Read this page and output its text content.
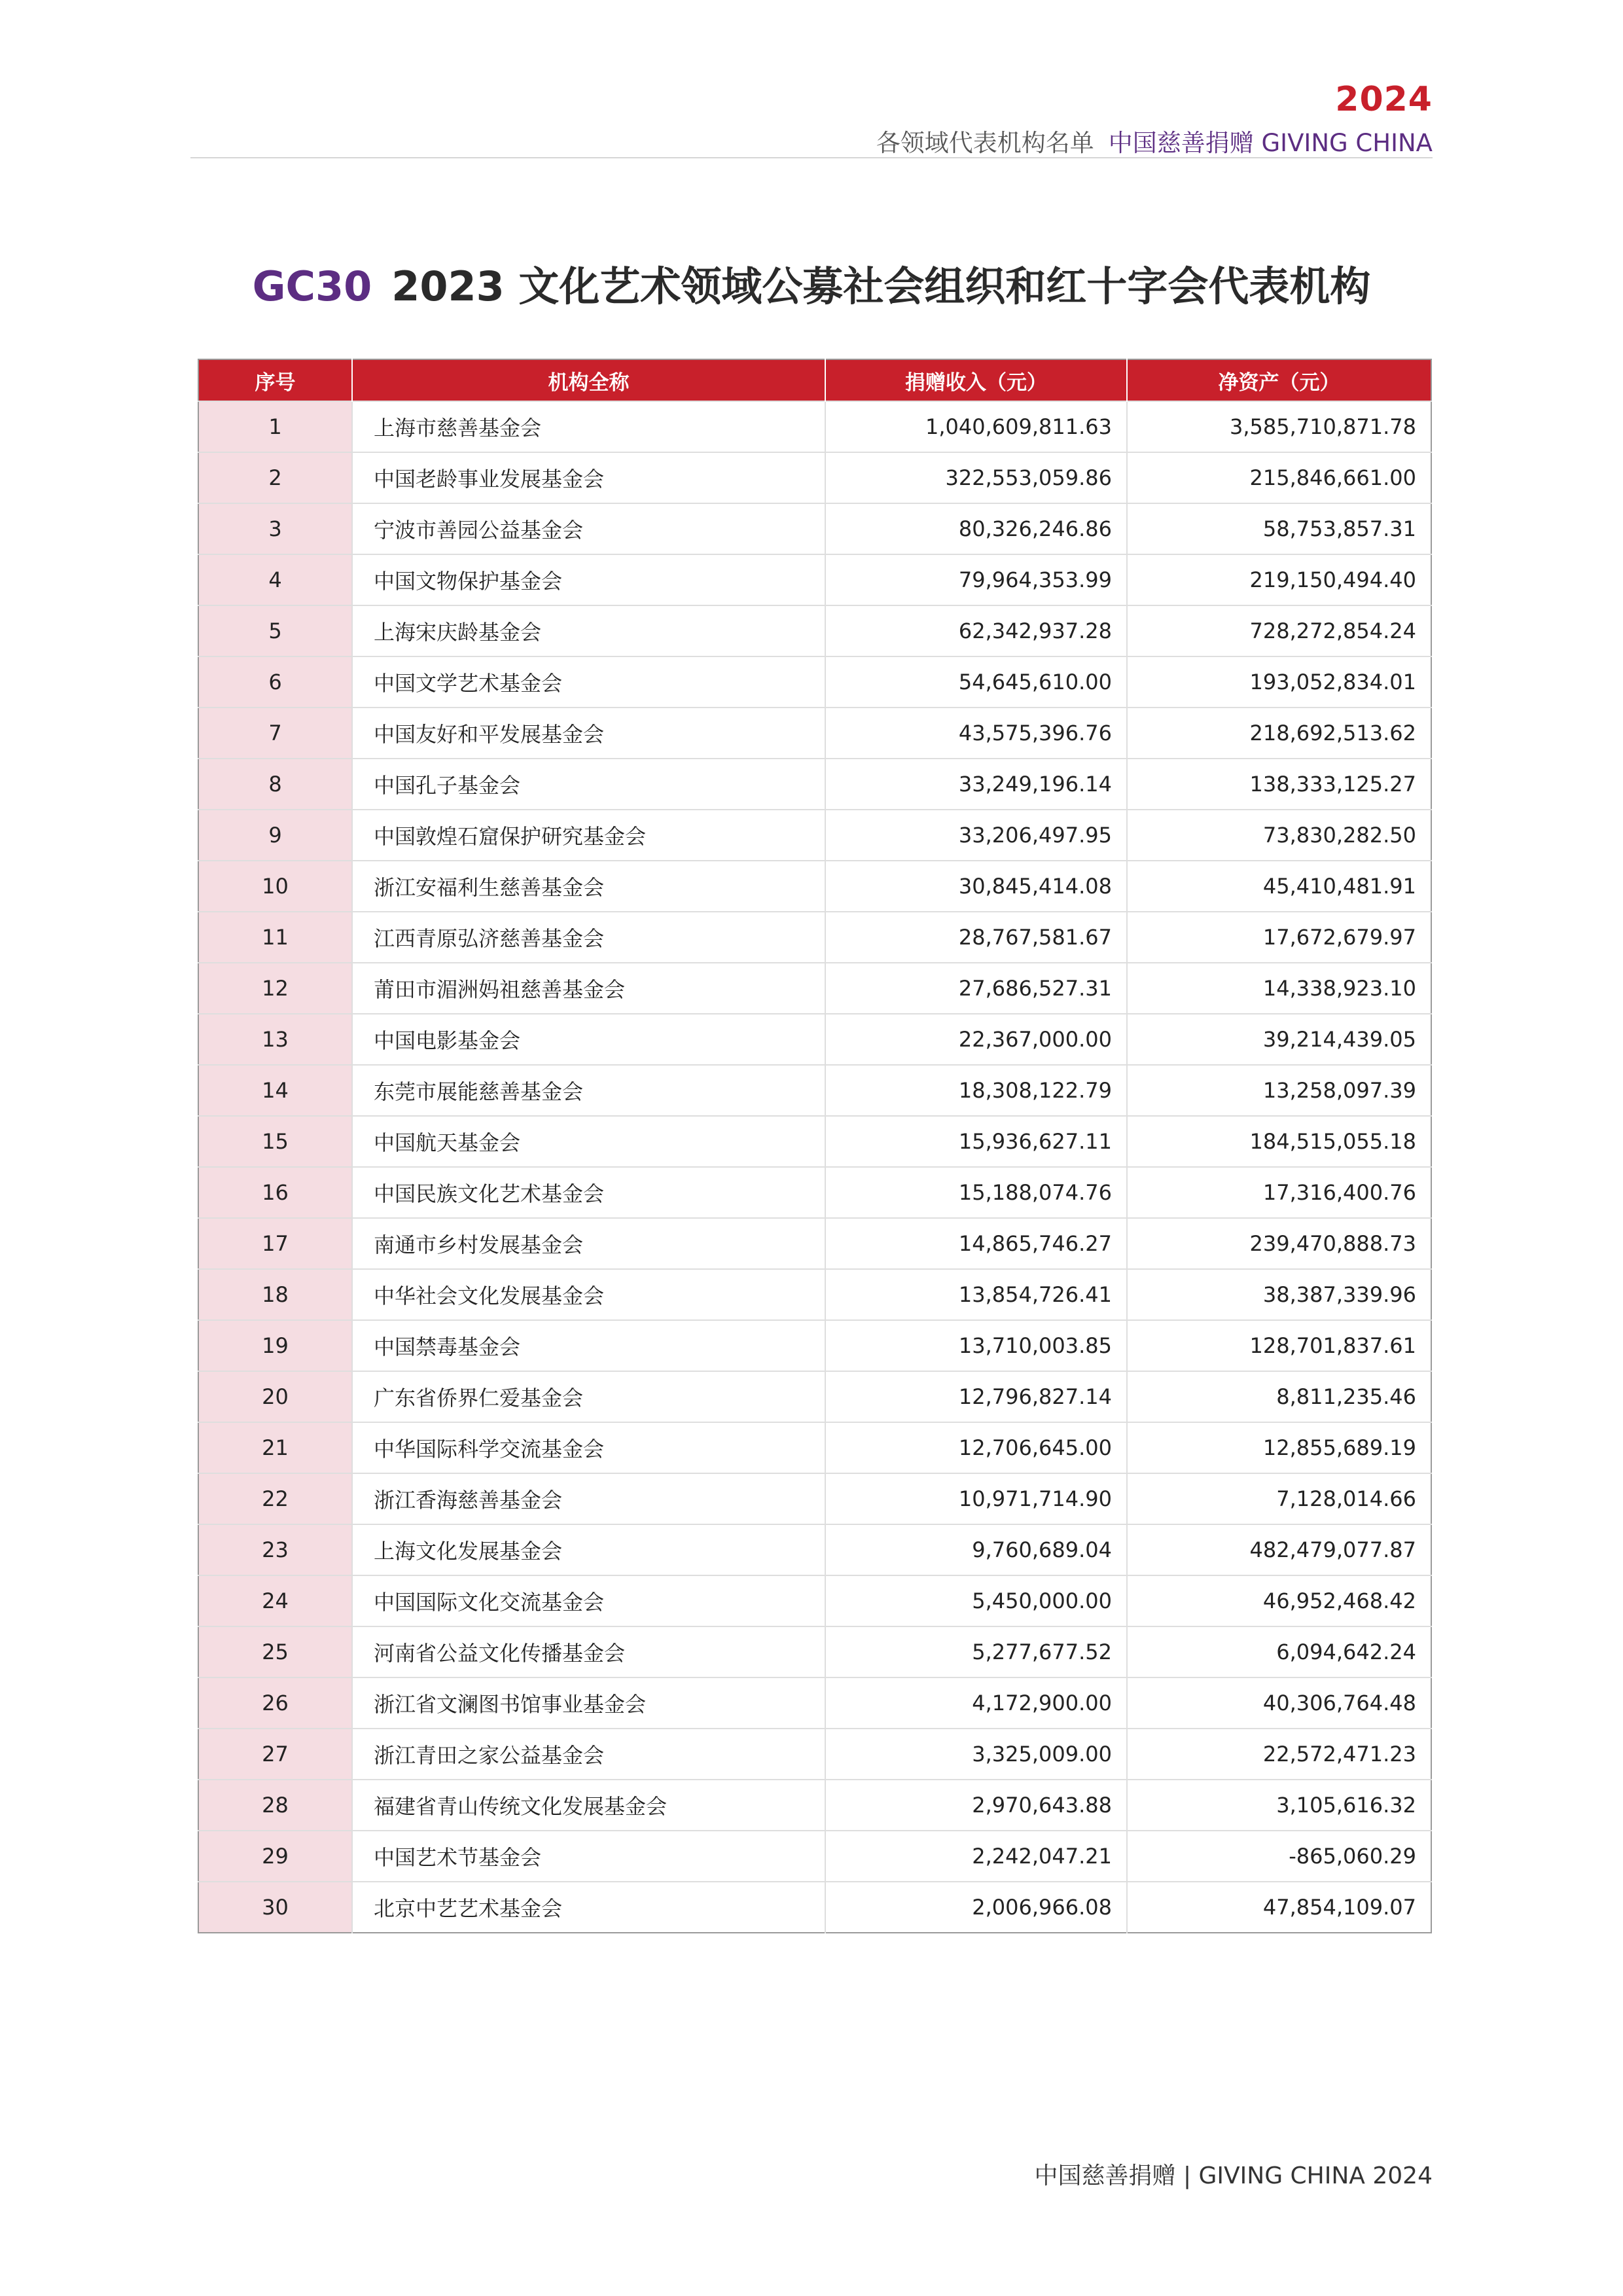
2024
各领域代表机构名单 中国慈善捐赠 GIVING CHINA
GC30 2023 文化艺术领域公募社会组织和红十字会代表机构
序号	机构全称	捐赠收入（元）	净资产（元）
1	上海市慈善基金会	1,040,609,811.63	3,585,710,871.78
2	中国老龄事业发展基金会	322,553,059.86	215,846,661.00
3	宁波市善园公益基金会	80,326,246.86	58,753,857.31
4	中国文物保护基金会	79,964,353.99	219,150,494.40
5	上海宋庆龄基金会	62,342,937.28	728,272,854.24
6	中国文学艺术基金会	54,645,610.00	193,052,834.01
7	中国友好和平发展基金会	43,575,396.76	218,692,513.62
8	中国孔子基金会	33,249,196.14	138,333,125.27
9	中国敦煌石窟保护研究基金会	33,206,497.95	73,830,282.50
10	浙江安福利生慈善基金会	30,845,414.08	45,410,481.91
11	江西青原弘济慈善基金会	28,767,581.67	17,672,679.97
12	莆田市湄洲妈祖慈善基金会	27,686,527.31	14,338,923.10
13	中国电影基金会	22,367,000.00	39,214,439.05
14	东莞市展能慈善基金会	18,308,122.79	13,258,097.39
15	中国航天基金会	15,936,627.11	184,515,055.18
16	中国民族文化艺术基金会	15,188,074.76	17,316,400.76
17	南通市乡村发展基金会	14,865,746.27	239,470,888.73
18	中华社会文化发展基金会	13,854,726.41	38,387,339.96
19	中国禁毒基金会	13,710,003.85	128,701,837.61
20	广东省侨界仁爱基金会	12,796,827.14	8,811,235.46
21	中华国际科学交流基金会	12,706,645.00	12,855,689.19
22	浙江香海慈善基金会	10,971,714.90	7,128,014.66
23	上海文化发展基金会	9,760,689.04	482,479,077.87
24	中国国际文化交流基金会	5,450,000.00	46,952,468.42
25	河南省公益文化传播基金会	5,277,677.52	6,094,642.24
26	浙江省文澜图书馆事业基金会	4,172,900.00	40,306,764.48
27	浙江青田之家公益基金会	3,325,009.00	22,572,471.23
28	福建省青山传统文化发展基金会	2,970,643.88	3,105,616.32
29	中国艺术节基金会	2,242,047.21	-865,060.29
30	北京中艺艺术基金会	2,006,966.08	47,854,109.07
中国慈善捐赠 | GIVING CHINA 2024
